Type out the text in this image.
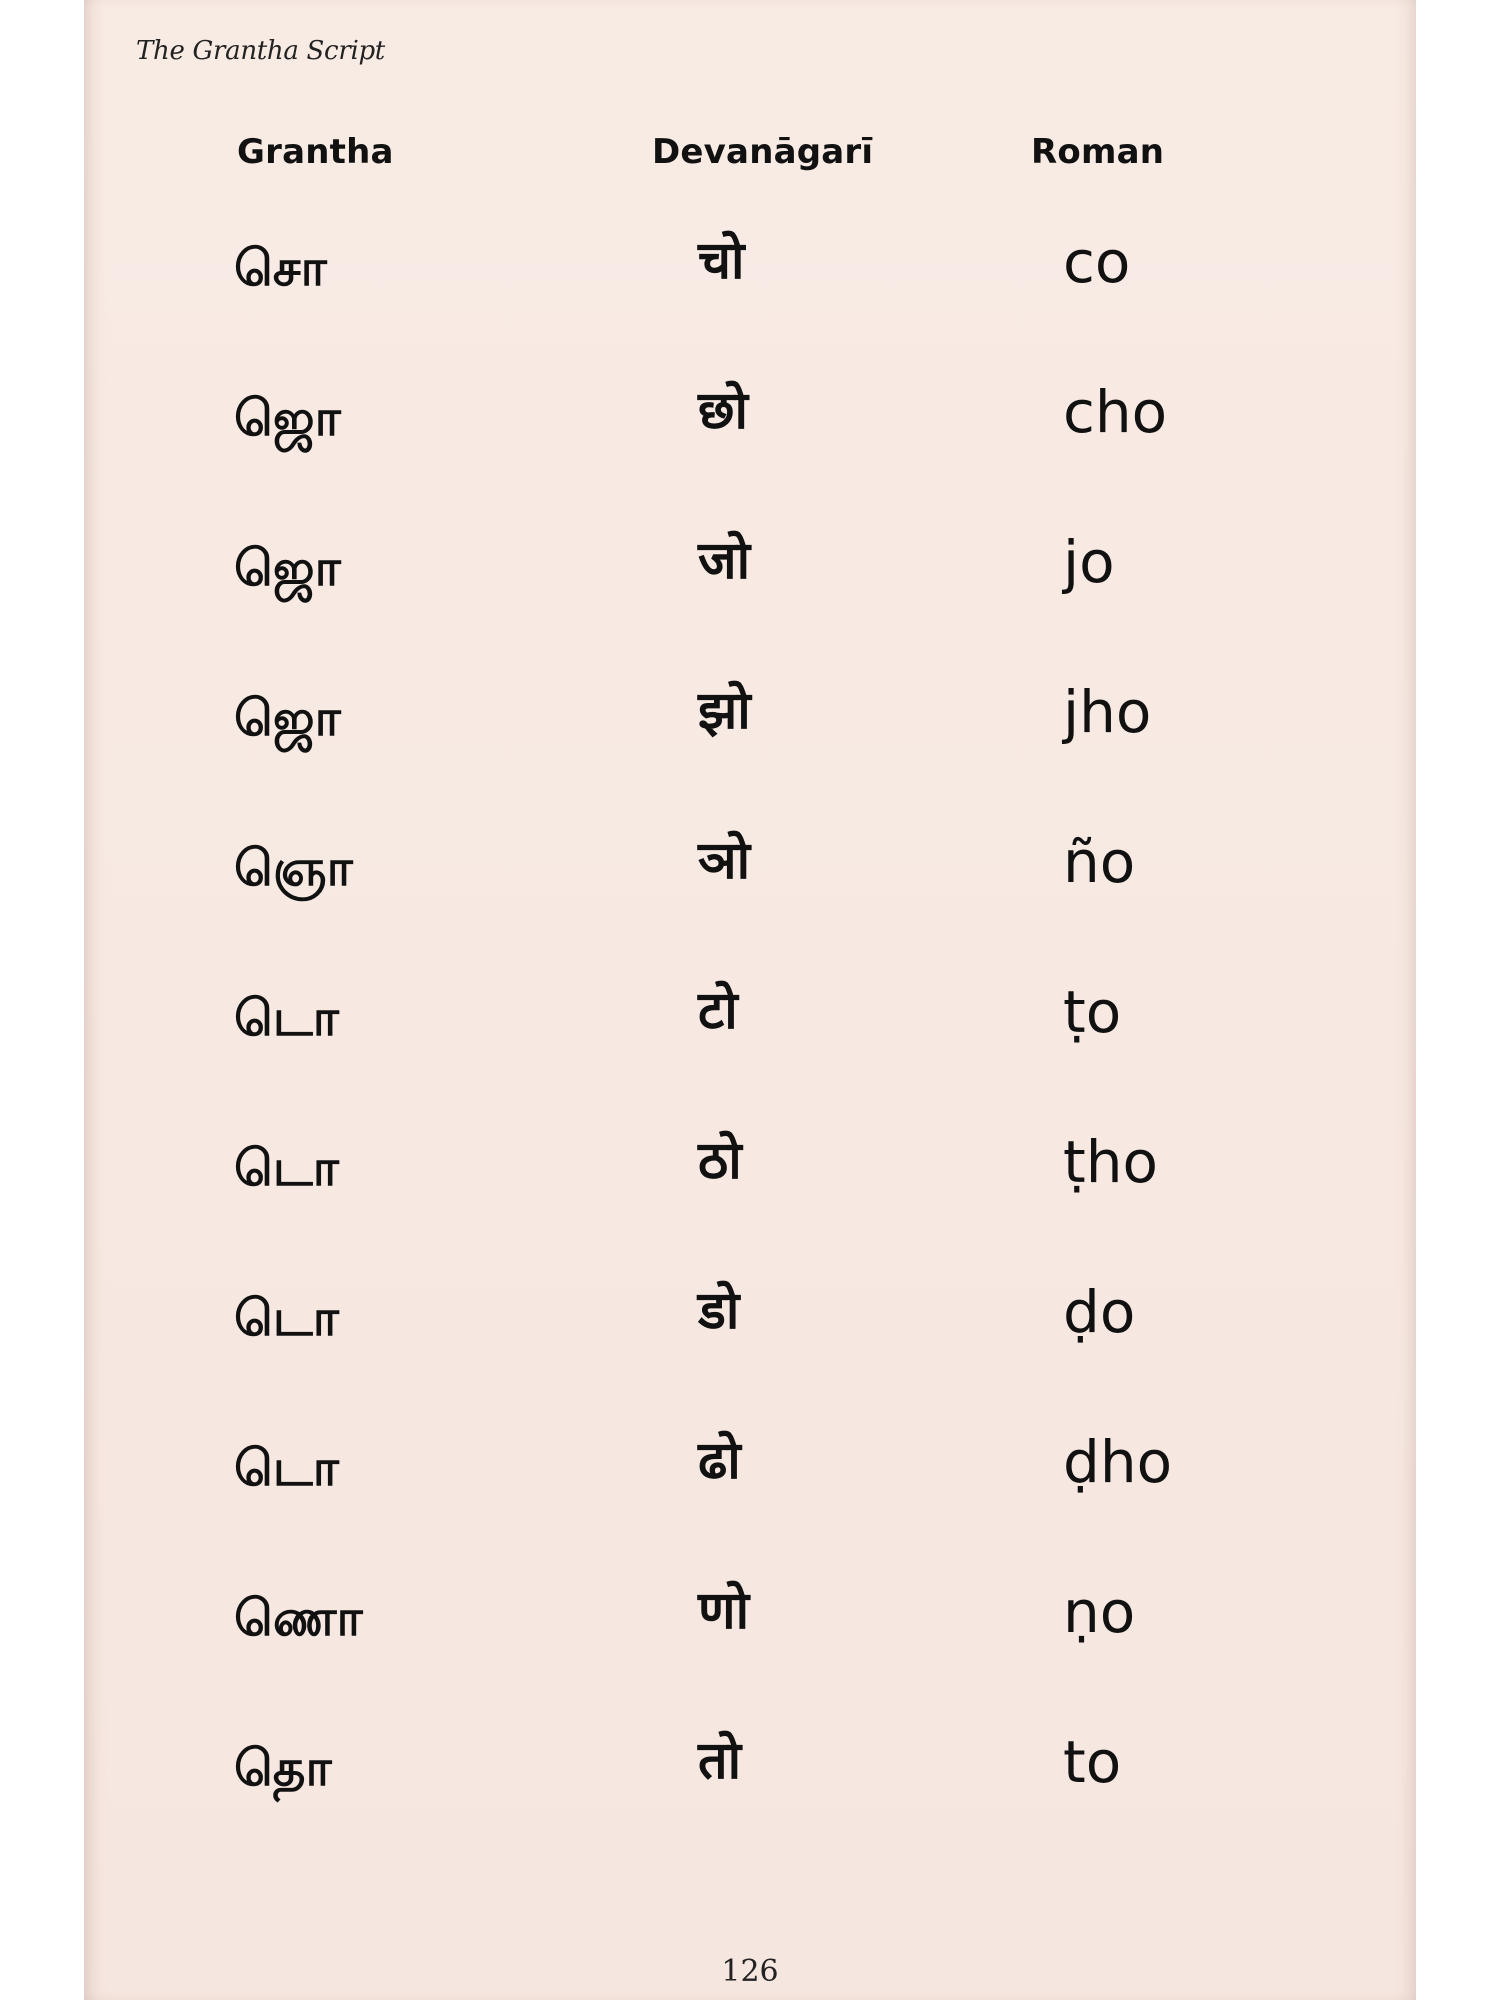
The Grantha Script
Grantha	Devanāgarī	Roman
சொ	चो	co
ஜொ	छो	cho
ஜொ	जो	jo
ஜொ	झो	jho
ஞொ	ञो	ño
டொ	टो	ṭo
டொ	ठो	ṭho
டொ	डो	ḍo
டொ	ढो	ḍho
ணொ	णो	ṇo
தொ	तो	to
126
